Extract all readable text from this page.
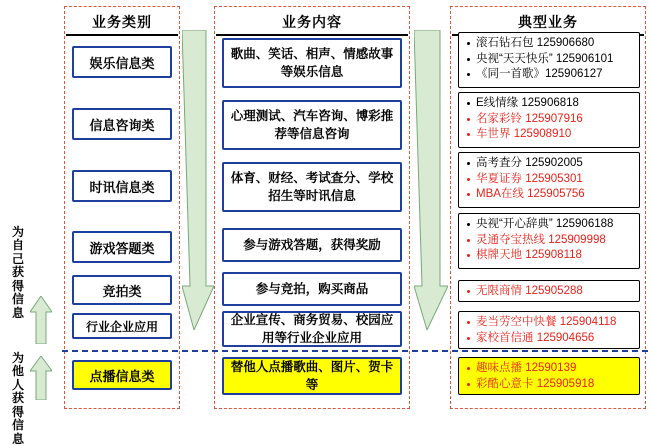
业务类别	业务内容	典型业务
为自己获得信息
为他人获得信息
娱乐信息类
信息咨询类
时讯信息类
游戏答题类
竞拍类
行业企业应用
点播信息类
歌曲、笑话、相声、情感故事等娱乐信息
心理测试、汽车咨询、博彩推荐等信息咨询
体育、财经、考试查分、学校招生等时讯信息
参与游戏答题，获得奖励
参与竞拍，购买商品
企业宣传、商务贸易、校园应用等行业企业应用
替他人点播歌曲、图片、贺卡等
滚石钻石包 125906680
央视“天天快乐” 125906101
《同一首歌》125906127
E线情缘 125906818
名家彩铃 125907916
车世界 125908910
高考査分 125902005
华夏证券 125905301
MBA在线 125905756
央视“开心辞典” 125906188
灵通夺宝热线 125909998
棋牌天地 125908118
无限商情 125905288
麦当劳空中快餐 125904118
家校首信通 125904656
趣味点播 12590139
彩酷心意卡 125905918
